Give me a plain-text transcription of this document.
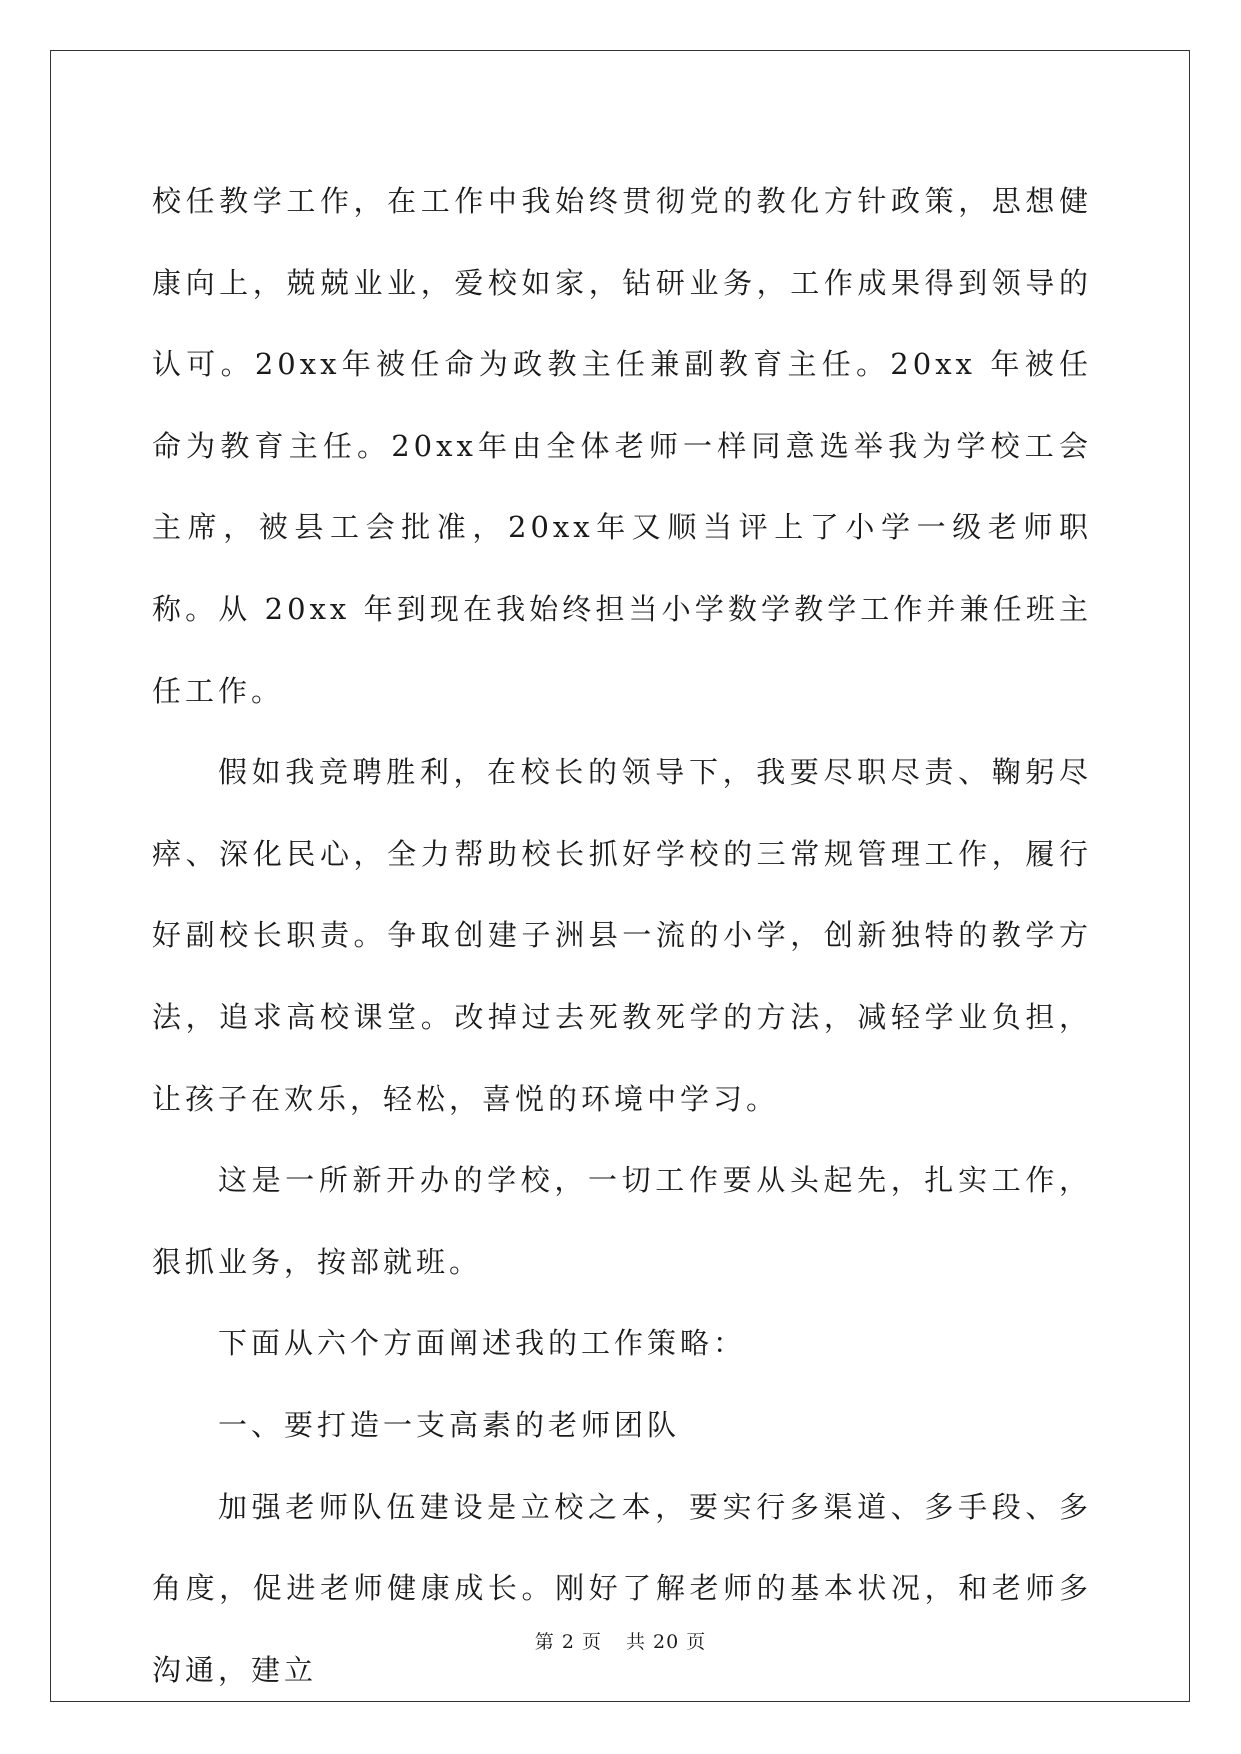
校任教学工作，在工作中我始终贯彻党的教化方针政策，思想健康向上，兢兢业业，爱校如家，钻研业务，工作成果得到领导的认可。20xx年被任命为政教主任兼副教育主任。20xx 年被任命为教育主任。20xx年由全体老师一样同意选举我为学校工会主席，被县工会批准，20xx年又顺当评上了小学一级老师职称。从 20xx 年到现在我始终担当小学数学教学工作并兼任班主任工作。

假如我竞聘胜利，在校长的领导下，我要尽职尽责、鞠躬尽瘁、深化民心，全力帮助校长抓好学校的三常规管理工作，履行好副校长职责。争取创建子洲县一流的小学，创新独特的教学方法，追求高校课堂。改掉过去死教死学的方法，减轻学业负担，让孩子在欢乐，轻松，喜悦的环境中学习。

这是一所新开办的学校，一切工作要从头起先，扎实工作，狠抓业务，按部就班。

下面从六个方面阐述我的工作策略：

一、要打造一支高素的老师团队

加强老师队伍建设是立校之本，要实行多渠道、多手段、多角度，促进老师健康成长。刚好了解老师的基本状况，和老师多沟通，建立

第 2 页 共 20 页
